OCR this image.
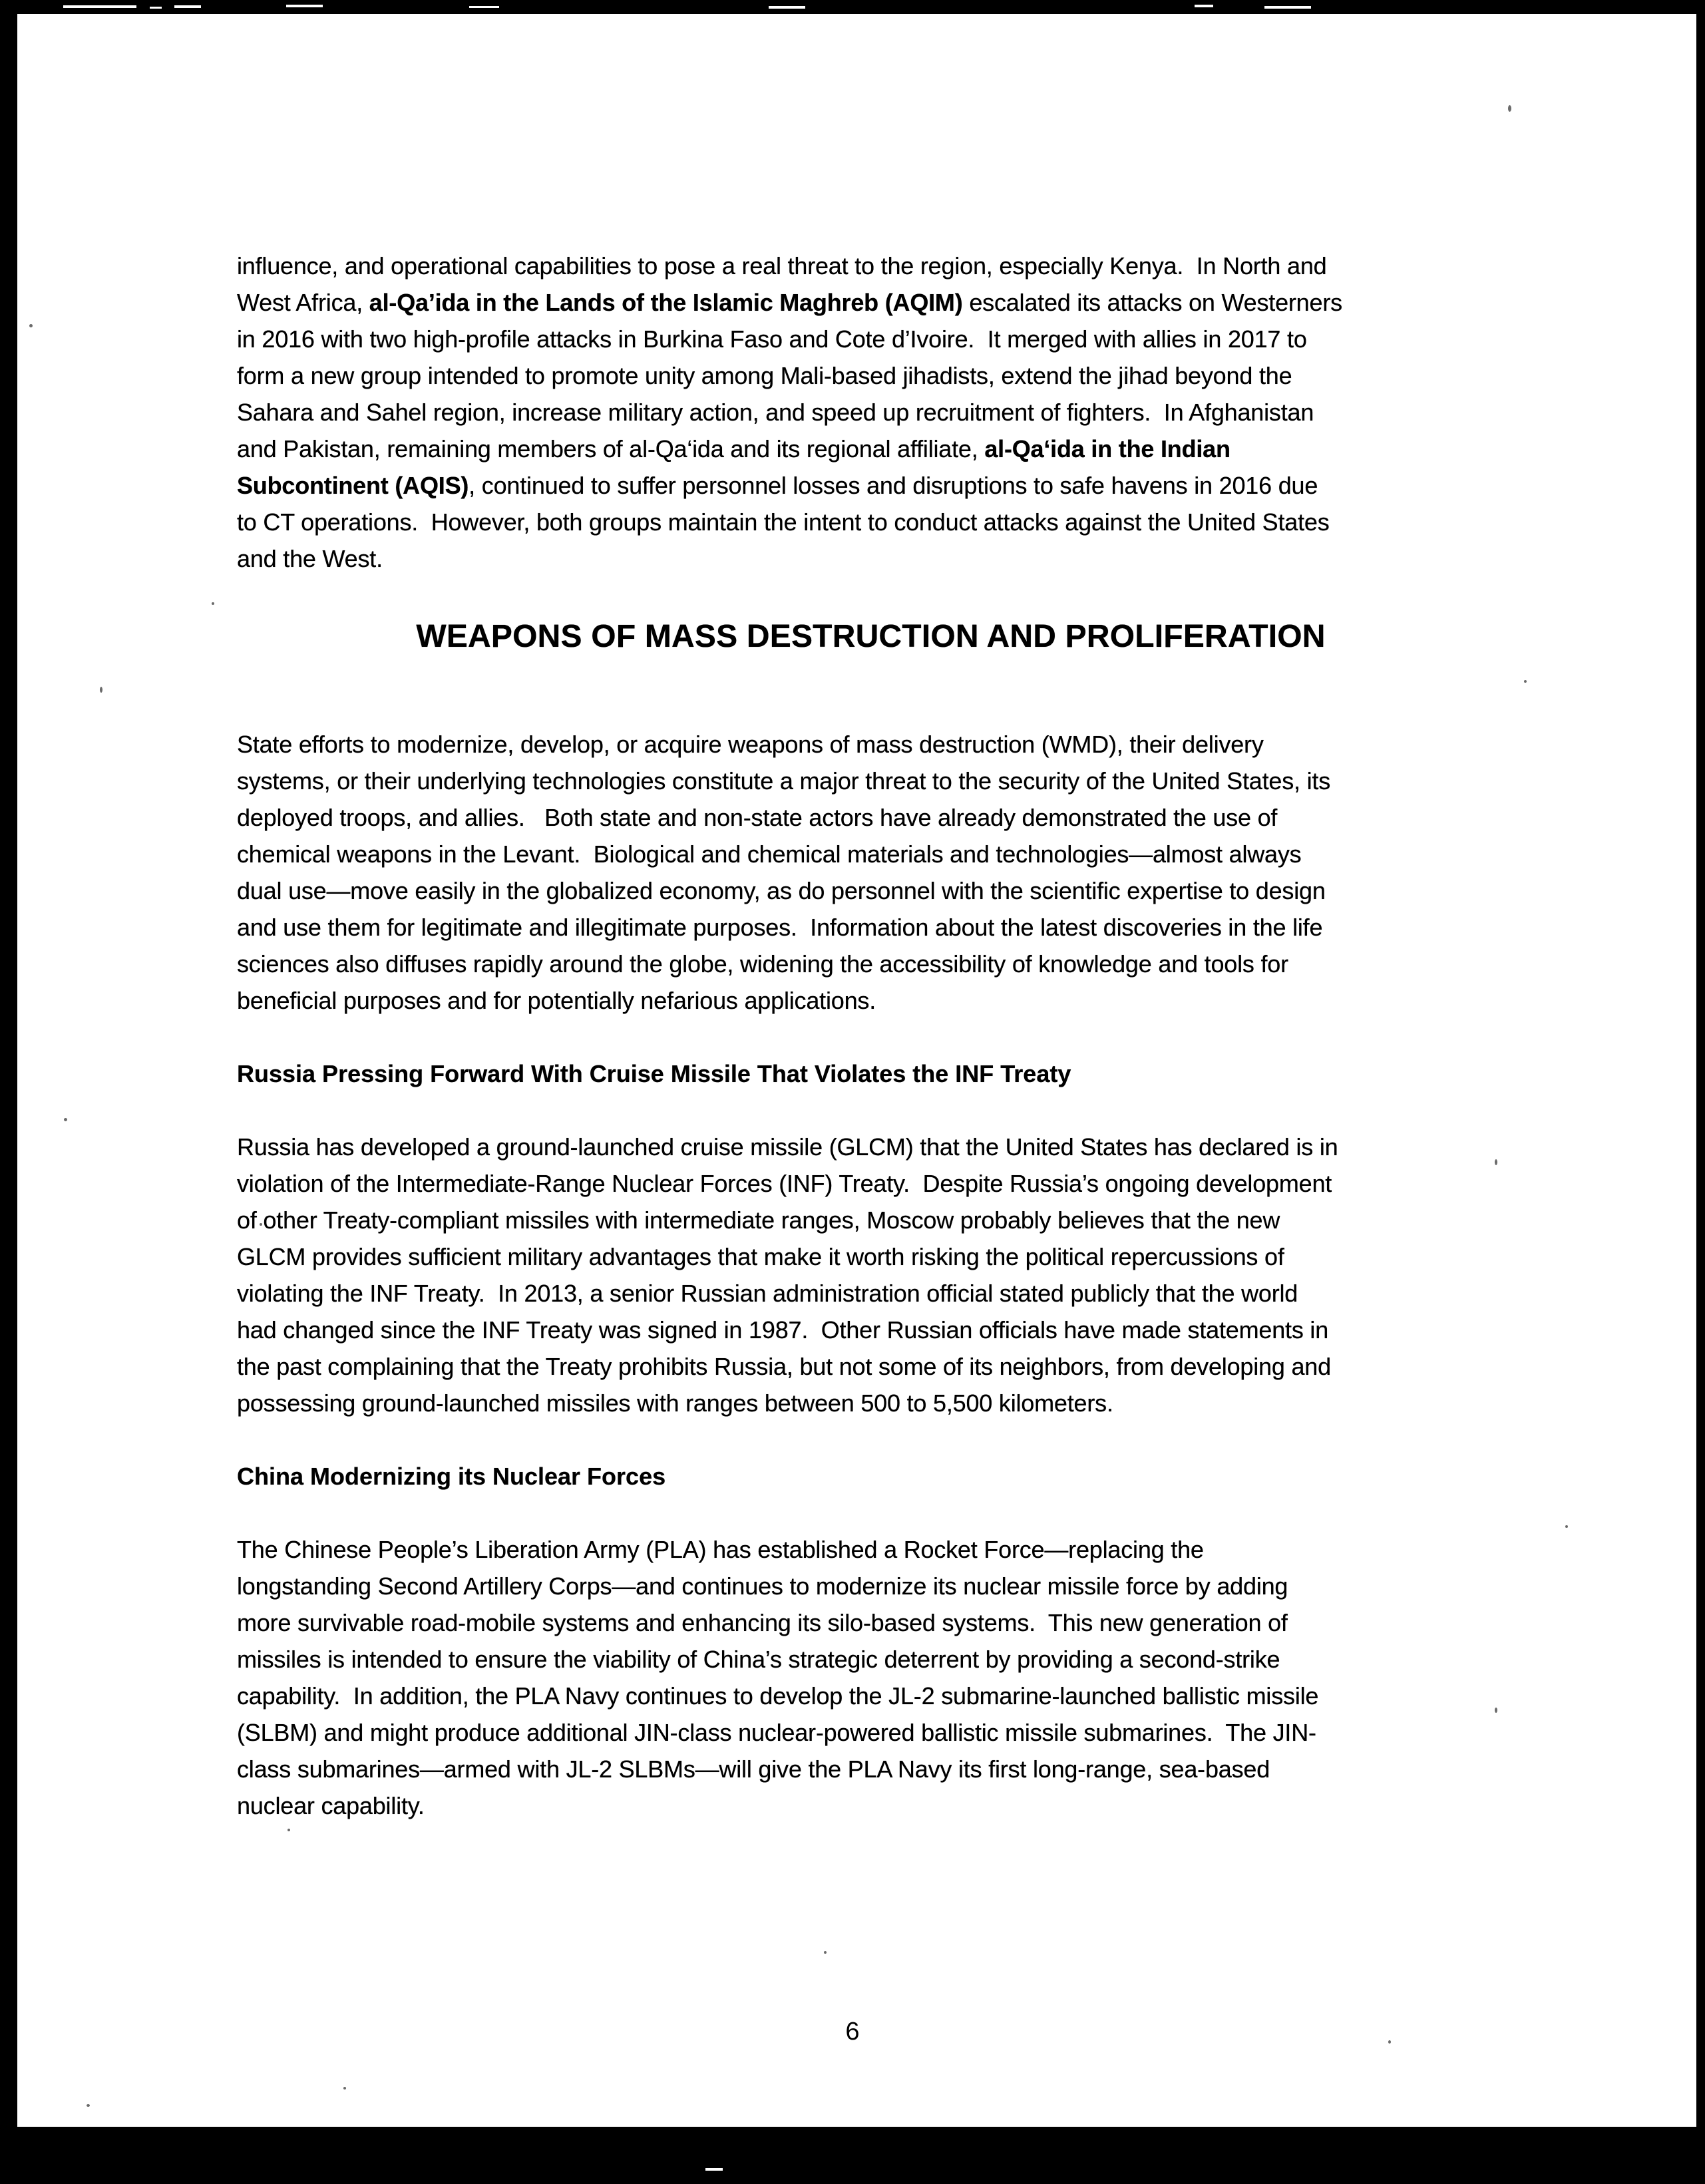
influence, and operational capabilities to pose a real threat to the region, especially Kenya.  In North and
West Africa, al-Qa’ida in the Lands of the Islamic Maghreb (AQIM) escalated its attacks on Westerners
in 2016 with two high-profile attacks in Burkina Faso and Cote d’Ivoire.  It merged with allies in 2017 to
form a new group intended to promote unity among Mali-based jihadists, extend the jihad beyond the
Sahara and Sahel region, increase military action, and speed up recruitment of fighters.  In Afghanistan
and Pakistan, remaining members of al-Qa‘ida and its regional affiliate, al-Qa‘ida in the Indian
Subcontinent (AQIS), continued to suffer personnel losses and disruptions to safe havens in 2016 due
to CT operations.  However, both groups maintain the intent to conduct attacks against the United States
and the West.

WEAPONS OF MASS DESTRUCTION AND PROLIFERATION

State efforts to modernize, develop, or acquire weapons of mass destruction (WMD), their delivery
systems, or their underlying technologies constitute a major threat to the security of the United States, its
deployed troops, and allies.   Both state and non-state actors have already demonstrated the use of
chemical weapons in the Levant.  Biological and chemical materials and technologies—almost always
dual use—move easily in the globalized economy, as do personnel with the scientific expertise to design
and use them for legitimate and illegitimate purposes.  Information about the latest discoveries in the life
sciences also diffuses rapidly around the globe, widening the accessibility of knowledge and tools for
beneficial purposes and for potentially nefarious applications.

Russia Pressing Forward With Cruise Missile That Violates the INF Treaty

Russia has developed a ground-launched cruise missile (GLCM) that the United States has declared is in
violation of the Intermediate-Range Nuclear Forces (INF) Treaty.  Despite Russia’s ongoing development
of other Treaty-compliant missiles with intermediate ranges, Moscow probably believes that the new
GLCM provides sufficient military advantages that make it worth risking the political repercussions of
violating the INF Treaty.  In 2013, a senior Russian administration official stated publicly that the world
had changed since the INF Treaty was signed in 1987.  Other Russian officials have made statements in
the past complaining that the Treaty prohibits Russia, but not some of its neighbors, from developing and
possessing ground-launched missiles with ranges between 500 to 5,500 kilometers.

China Modernizing its Nuclear Forces

The Chinese People’s Liberation Army (PLA) has established a Rocket Force—replacing the
longstanding Second Artillery Corps—and continues to modernize its nuclear missile force by adding
more survivable road-mobile systems and enhancing its silo-based systems.  This new generation of
missiles is intended to ensure the viability of China’s strategic deterrent by providing a second-strike
capability.  In addition, the PLA Navy continues to develop the JL-2 submarine-launched ballistic missile
(SLBM) and might produce additional JIN-class nuclear-powered ballistic missile submarines.  The JIN-
class submarines—armed with JL-2 SLBMs—will give the PLA Navy its first long-range, sea-based
nuclear capability.

6
